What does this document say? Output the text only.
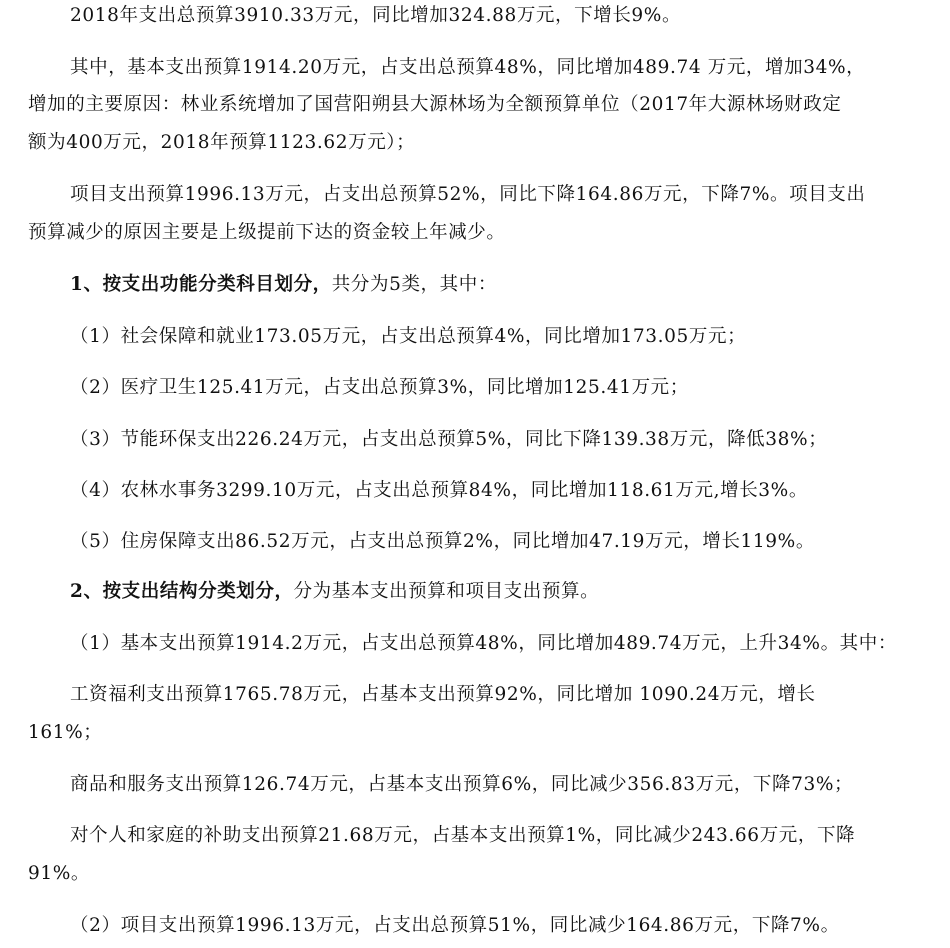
2018年支出总预算3910.33万元，同比增加324.88万元，下增长9%。
其中，基本支出预算1914.20万元，占支出总预算48%，同比增加489.74 万元，增加34%，
增加的主要原因：林业系统增加了国营阳朔县大源林场为全额预算单位（2017年大源林场财政定
额为400万元，2018年预算1123.62万元）；
项目支出预算1996.13万元，占支出总预算52%，同比下降164.86万元，下降7%。项目支出
预算减少的原因主要是上级提前下达的资金较上年减少。
1、按支出功能分类科目划分，共分为5类，其中：
（1）社会保障和就业173.05万元，占支出总预算4%，同比增加173.05万元；
（2）医疗卫生125.41万元，占支出总预算3%，同比增加125.41万元；
（3）节能环保支出226.24万元，占支出总预算5%，同比下降139.38万元，降低38%；
（4）农林水事务3299.10万元，占支出总预算84%，同比增加118.61万元,增长3%。
（5）住房保障支出86.52万元，占支出总预算2%，同比增加47.19万元，增长119%。
2、按支出结构分类划分，分为基本支出预算和项目支出预算。
（1）基本支出预算1914.2万元，占支出总预算48%，同比增加489.74万元，上升34%。其中：
工资福利支出预算1765.78万元，占基本支出预算92%，同比增加 1090.24万元，增长
161%；
商品和服务支出预算126.74万元，占基本支出预算6%，同比减少356.83万元，下降73%；
对个人和家庭的补助支出预算21.68万元，占基本支出预算1%，同比减少243.66万元，下降
91%。
（2）项目支出预算1996.13万元，占支出总预算51%，同比减少164.86万元，下降7%。
